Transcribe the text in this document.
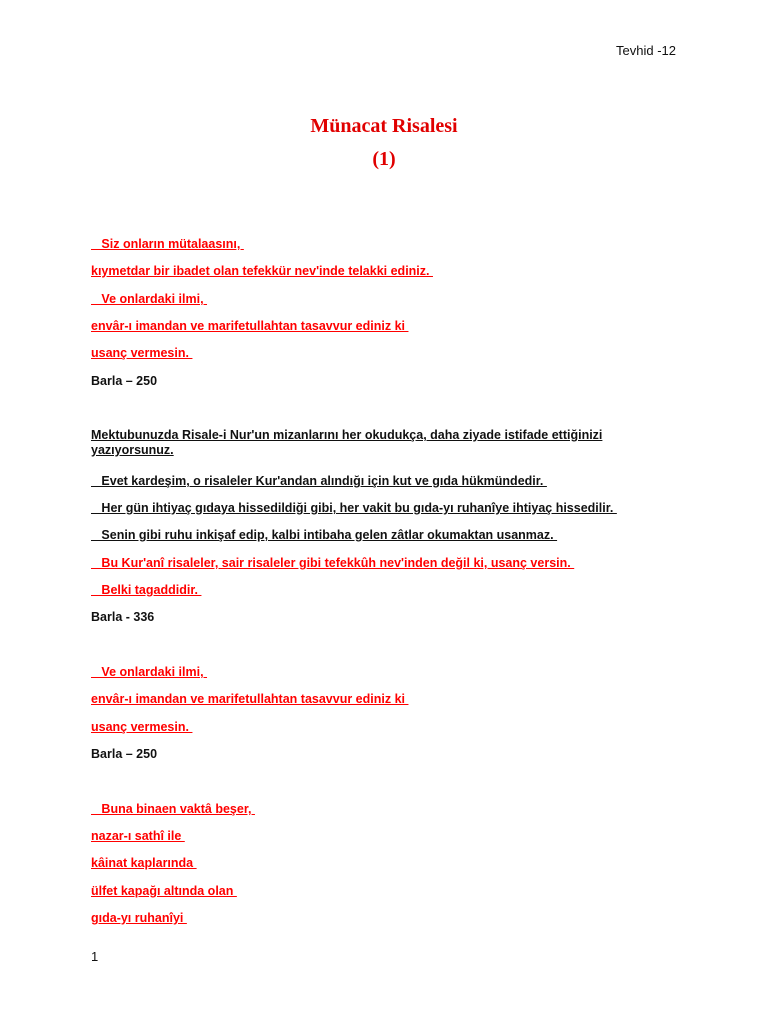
Tevhid -12
Münacat Risalesi
(1)
Siz onların mütalaasını,
kıymetdar bir ibadet olan tefekkür nev'inde telakki ediniz.
Ve onlardaki ilmi,
envâr-ı imandan ve marifetullahtan tasavvur ediniz ki
usanç vermesin.
Barla – 250
Mektubunuzda Risale-i Nur'un mizanlarını her okudukça, daha ziyade istifade ettiğinizi yazıyorsunuz.
Evet kardeşim, o risaleler Kur'andan alındığı için kut ve gıda hükmündedir.
Her gün ihtiyaç gıdaya hissedildiği gibi, her vakit bu gıda-yı ruhanîye ihtiyaç hissedilir.
Senin gibi ruhu inkişaf edip, kalbi intibaha gelen zâtlar okumaktan usanmaz.
Bu Kur'anî risaleler, sair risaleler gibi tefekkûh nev'inden değil ki, usanç versin.
Belki tagaddidir.
Barla - 336
Ve onlardaki ilmi,
envâr-ı imandan ve marifetullahtan tasavvur ediniz ki
usanç vermesin.
Barla – 250
Buna binaen vaktâ beşer,
nazar-ı sathî ile
kâinat kaplarında
ülfet kapağı altında olan
gıda-yı ruhanîyi
1
